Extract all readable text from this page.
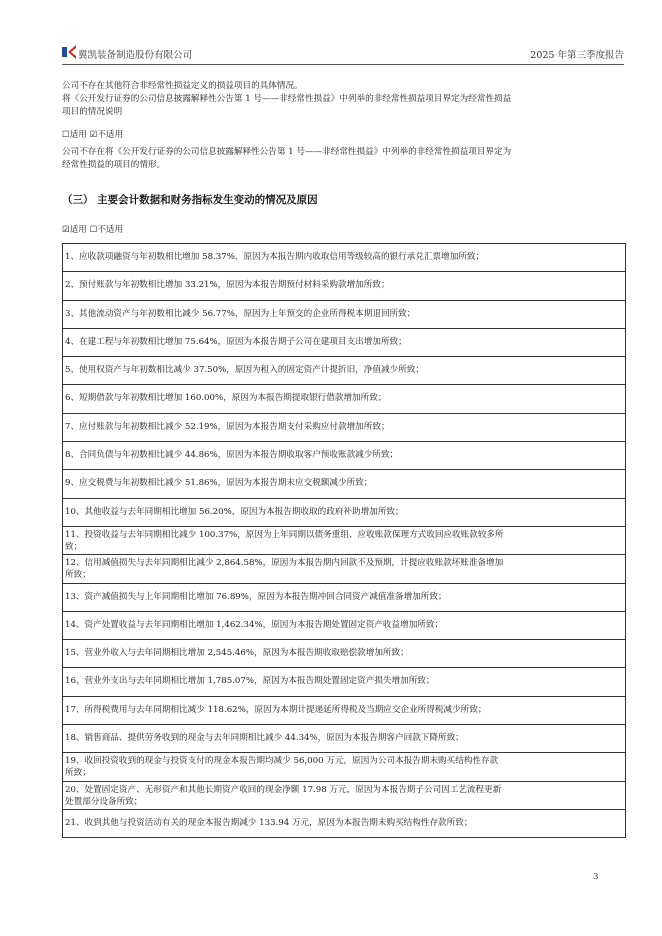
冀凯装备制造股份有限公司	2025 年第三季度报告
公司不存在其他符合非经常性损益定义的损益项目的具体情况。
将《公开发行证券的公司信息披露解释性公告第 1 号——非经常性损益》中列举的非经常性损益项目界定为经常性损益
项目的情况说明
☐适用 ☑不适用
公司不存在将《公开发行证券的公司信息披露解释性公告第 1 号——非经常性损益》中列举的非经常性损益项目界定为
经常性损益的项目的情形。
（三） 主要会计数据和财务指标发生变动的情况及原因
☑适用 ☐不适用
1、应收款项融资与年初数相比增加 58.37%，原因为本报告期内收取信用等级较高的银行承兑汇票增加所致；
2、预付账款与年初数相比增加 33.21%，原因为本报告期预付材料采购款增加所致；
3、其他流动资产与年初数相比减少 56.77%，原因为上年预交的企业所得税本期退回所致；
4、在建工程与年初数相比增加 75.64%，原因为本报告期子公司在建项目支出增加所致；
5、使用权资产与年初数相比减少 37.50%，原因为租入的固定资产计提折旧，净值减少所致；
6、短期借款与年初数相比增加 160.00%，原因为本报告期提取银行借款增加所致；
7、应付账款与年初数相比减少 52.19%，原因为本报告期支付采购应付款增加所致；
8、合同负债与年初数相比减少 44.86%，原因为本报告期收取客户预收账款减少所致；
9、应交税费与年初数相比减少 51.86%，原因为本报告期末应交税额减少所致；
10、其他收益与去年同期相比增加 56.20%，原因为本报告期收取的政府补助增加所致；
11、投资收益与去年同期相比减少 100.37%，原因为上年同期以债务重组、应收账款保理方式收回应收账款较多所
致；
12、信用减值损失与去年同期相比减少 2,864.58%，原因为本报告期内回款不及预期，计提应收账款坏账准备增加
所致；
13、资产减值损失与上年同期相比增加 76.89%，原因为本报告期冲回合同资产减值准备增加所致；
14、资产处置收益与去年同期相比增加 1,462.34%，原因为本报告期处置固定资产收益增加所致；
15、营业外收入与去年同期相比增加 2,545.46%，原因为本报告期收取赔偿款增加所致；
16、营业外支出与去年同期相比增加 1,785.07%，原因为本报告期处置固定资产损失增加所致；
17、所得税费用与去年同期相比减少 118.62%，原因为本期计提递延所得税及当期应交企业所得税减少所致；
18、销售商品、提供劳务收到的现金与去年同期相比减少 44.34%，原因为本报告期客户回款下降所致；
19、收回投资收到的现金与投资支付的现金本报告期均减少 56,000 万元，原因为公司本报告期未购买结构性存款
所致；
20、处置固定资产、无形资产和其他长期资产收回的现金净额 17.98 万元，原因为本报告期子公司因工艺流程更新
处置部分设备所致；
21、收到其他与投资活动有关的现金本报告期减少 133.94 万元，原因为本报告期未购买结构性存款所致；
3
